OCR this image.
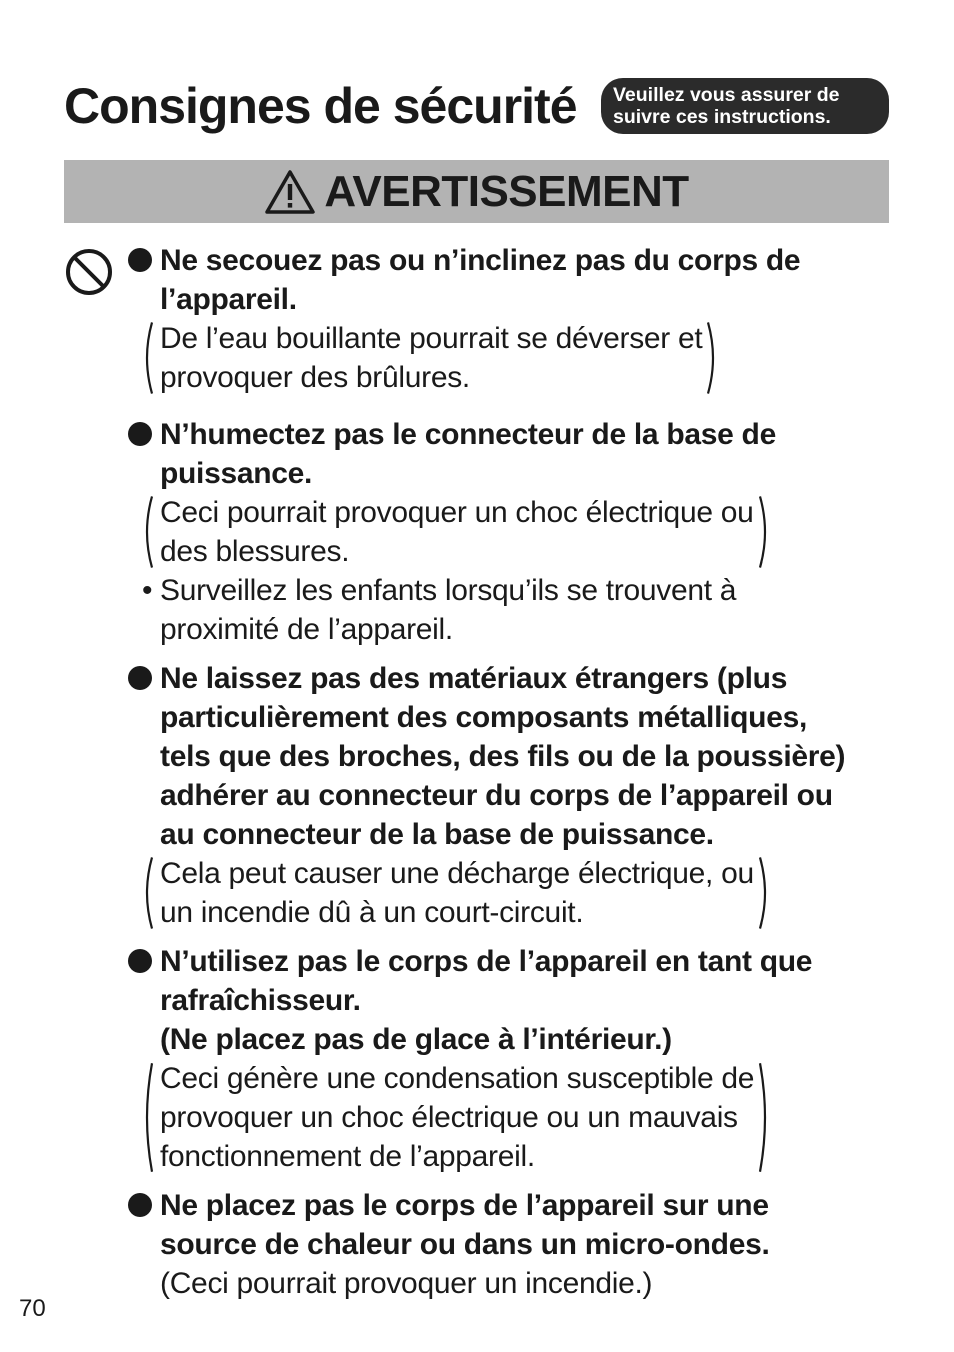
Consignes de sécurité Veuillez vous assurer de
suivre ces instructions.
AVERTISSEMENT
Ne secouez pas ou n’inclinez pas du corps de
l’appareil.
De l’eau bouillante pourrait se déverser et
provoquer des brûlures.
N’humectez pas le connecteur de la base de
puissance.
Ceci pourrait provoquer un choc électrique ou
des blessures.
• Surveillez les enfants lorsqu’ils se trouvent à
proximité de l’appareil.
Ne laissez pas des matériaux étrangers (plus
particulièrement des composants métalliques,
tels que des broches, des fils ou de la poussière)
adhérer au connecteur du corps de l’appareil ou
au connecteur de la base de puissance.
Cela peut causer une décharge électrique, ou
un incendie dû à un court-circuit.
N’utilisez pas le corps de l’appareil en tant que
rafraîchisseur.
(Ne placez pas de glace à l’intérieur.)
Ceci génère une condensation susceptible de
provoquer un choc électrique ou un mauvais
fonctionnement de l’appareil.
Ne placez pas le corps de l’appareil sur une
source de chaleur ou dans un micro-ondes.
(Ceci pourrait provoquer un incendie.)
70
